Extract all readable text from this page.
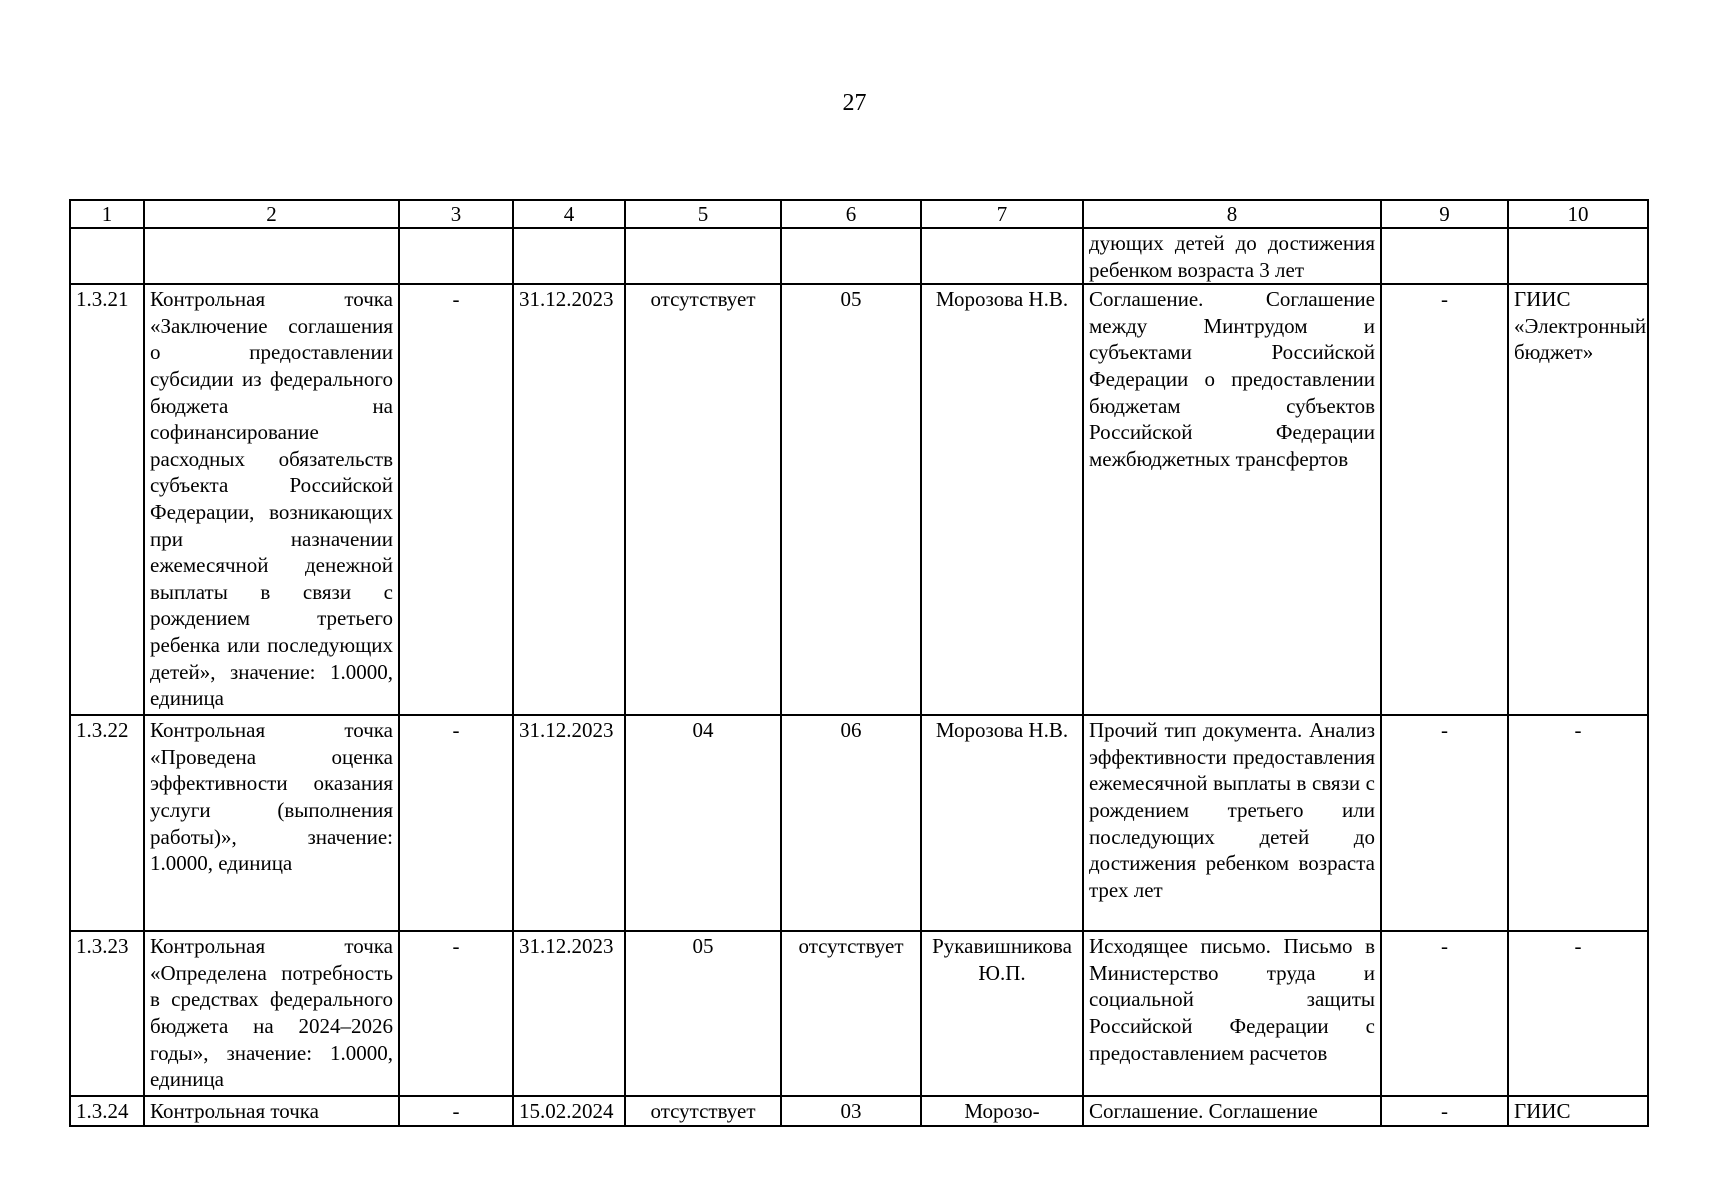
27
1	2	3	4	5	6	7	8	9	10
							дующих детей до достижения ребенком возраста 3 лет		
1.3.21	Контрольная точка «Заключение соглашения о предоставлении субсидии из федерального бюджета на софинансирование расходных обязательств субъекта Российской Федерации, возникающих при назначении ежемесячной денежной выплаты в связи с рождением третьего ребенка или последующих детей», значение: 1.0000, единица	-	31.12.2023	отсутствует	05	Морозова Н.В.	Соглашение. Соглашение между Минтрудом и субъектами Российской Федерации о предоставлении бюджетам субъектов Российской Федерации межбюджетных трансфертов	-	ГИИС «Электронный бюджет»
1.3.22	Контрольная точка «Проведена оценка эффективности оказания услуги (выполнения работы)», значение: 1.0000, единица	-	31.12.2023	04	06	Морозова Н.В.	Прочий тип документа. Анализ эффективности предоставления ежемесячной выплаты в связи с рождением третьего или последующих детей до достижения ребенком возраста трех лет	-	-
1.3.23	Контрольная точка «Определена потребность в средствах федерального бюджета на 2024–2026 годы», значение: 1.0000, единица	-	31.12.2023	05	отсутствует	Рукавишникова Ю.П.	Исходящее письмо. Письмо в Министерство труда и социальной защиты Российской Федерации с предоставлением расчетов	-	-
1.3.24	Контрольная точка	-	15.02.2024	отсутствует	03	Морозо-	Соглашение. Соглашение	-	ГИИС
